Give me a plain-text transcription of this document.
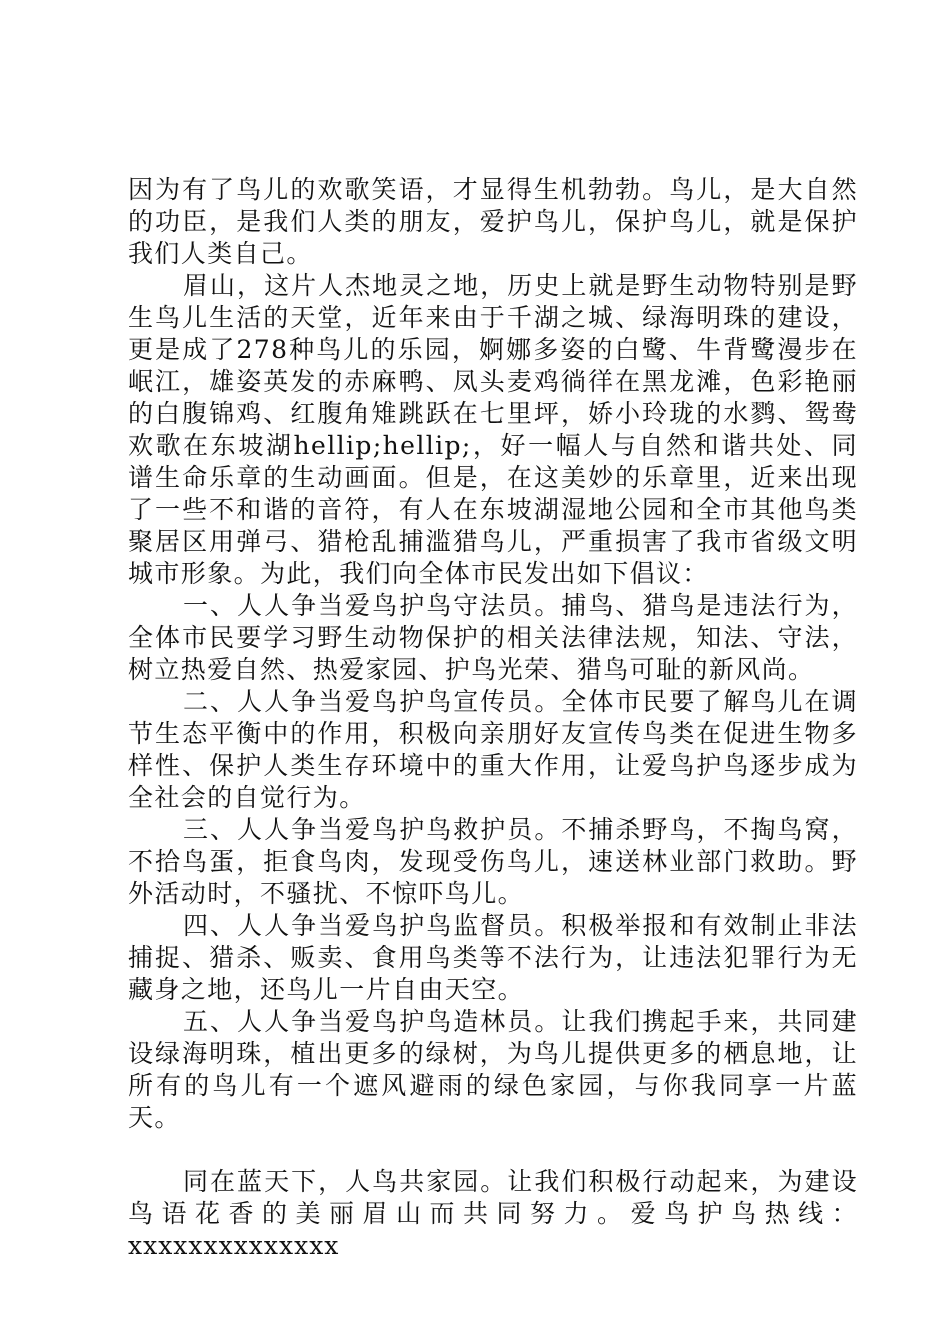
因为有了鸟儿的欢歌笑语，才显得生机勃勃。鸟儿，是大自然的功臣，是我们人类的朋友，爱护鸟儿，保护鸟儿，就是保护我们人类自己。

眉山，这片人杰地灵之地，历史上就是野生动物特别是野生鸟儿生活的天堂，近年来由于千湖之城、绿海明珠的建设，更是成了278种鸟儿的乐园，婀娜多姿的白鹭、牛背鹭漫步在岷江，雄姿英发的赤麻鸭、凤头麦鸡徜徉在黑龙滩，色彩艳丽的白腹锦鸡、红腹角雉跳跃在七里坪，娇小玲珑的水鹨、鸳鸯欢歌在东坡湖hellip;hellip;，好一幅人与自然和谐共处、同谱生命乐章的生动画面。但是，在这美妙的乐章里，近来出现了一些不和谐的音符，有人在东坡湖湿地公园和全市其他鸟类聚居区用弹弓、猎枪乱捕滥猎鸟儿，严重损害了我市省级文明城市形象。为此，我们向全体市民发出如下倡议：

一、人人争当爱鸟护鸟守法员。捕鸟、猎鸟是违法行为，全体市民要学习野生动物保护的相关法律法规，知法、守法，树立热爱自然、热爱家园、护鸟光荣、猎鸟可耻的新风尚。

二、人人争当爱鸟护鸟宣传员。全体市民要了解鸟儿在调节生态平衡中的作用，积极向亲朋好友宣传鸟类在促进生物多样性、保护人类生存环境中的重大作用，让爱鸟护鸟逐步成为全社会的自觉行为。

三、人人争当爱鸟护鸟救护员。不捕杀野鸟，不掏鸟窝，不拾鸟蛋，拒食鸟肉，发现受伤鸟儿，速送林业部门救助。野外活动时，不骚扰、不惊吓鸟儿。

四、人人争当爱鸟护鸟监督员。积极举报和有效制止非法捕捉、猎杀、贩卖、食用鸟类等不法行为，让违法犯罪行为无藏身之地，还鸟儿一片自由天空。

五、人人争当爱鸟护鸟造林员。让我们携起手来，共同建设绿海明珠，植出更多的绿树，为鸟儿提供更多的栖息地，让所有的鸟儿有一个遮风避雨的绿色家园，与你我同享一片蓝天。

同在蓝天下，人鸟共家园。让我们积极行动起来，为建设鸟语花香的美丽眉山而共同努力。爱鸟护鸟热线：

xxxxxxxxxxxxxx
